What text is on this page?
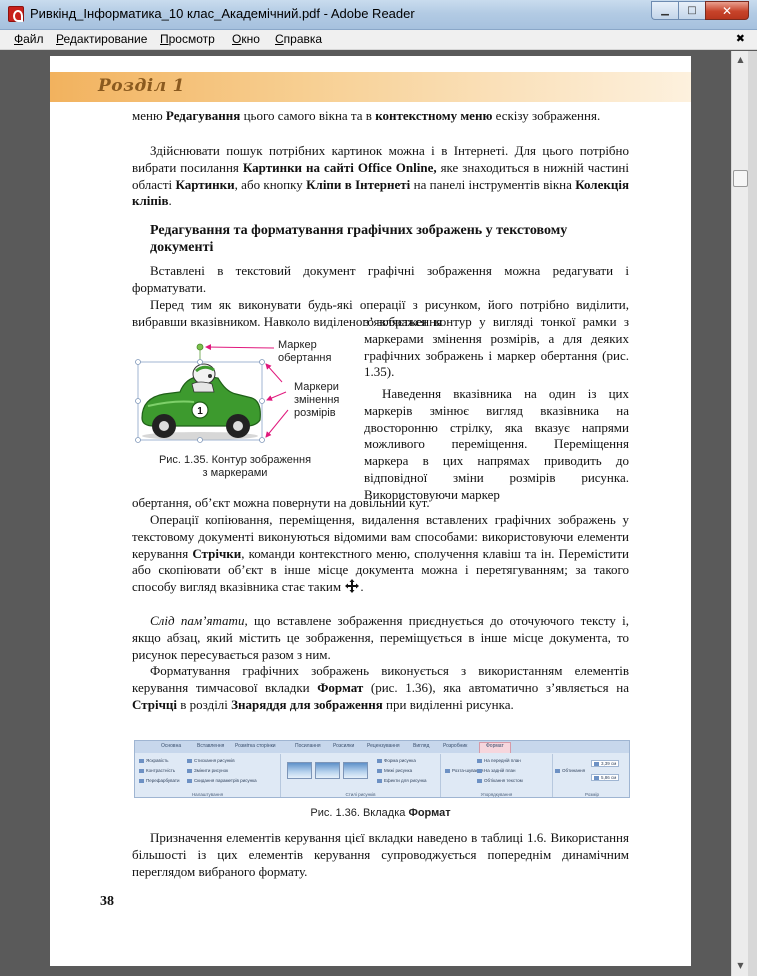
Ривкінд_Інформатика_10 клас_Академічний.pdf - Adobe Reader	▁	□	✕
Файл Редактирование Просмотр Окно Справка	✖
▲
▼
Розділ 1
меню Редагування цього самого вікна та в контекстному меню ескізу зображення.
Здійснювати пошук потрібних картинок можна і в Інтернеті. Для цього потрібно вибрати посилання Картинки на сайті Office Online, яке знаходиться в нижній частині області Картинки, або кнопку Кліпи в Інтернеті на панелі інструментів вікна Колекція кліпів.
Редагування та форматування графічних зображень у текстовому документі
Вставлені в текстовий документ графічні зображення можна редагувати і форматувати.
Перед тим як виконувати будь-які операції з рисунком, його потрібно виділити, вибравши вказівником. Навколо виділеного зображення
1
Маркер
обертання
Маркери
змінення
розмірів
Рис. 1.35. Контур зображення
з маркерами
з’являється контур у вигляді тонкої рамки з маркерами змінення розмірів, а для деяких графічних зображень і маркер обертання (рис. 1.35).
Наведення вказівника на один із цих маркерів змінює вигляд вказівника на двосторонню стрілку, яка вказує напрями можливого переміщення. Переміщення маркера в цих напрямах приводить до відповідної зміни розмірів рисунка. Використовуючи маркер
обертання, об’єкт можна повернути на довільний кут.
Операції копіювання, переміщення, видалення вставлених графічних зображень у текстовому документі виконуються відомими вам способами: використовуючи елементи керування Стрічки, команди контекстного меню, сполучення клавіш та ін. Перемістити або скопіювати об’єкт в інше місце документа можна і перетягуванням; за такого способу вигляд вказівника стає таким .
Слід пам’ятати, що вставлене зображення приєднується до оточуючого тексту і, якщо абзац, який містить це зображення, переміщується в інше місце документа, то рисунок пересувається разом з ним.
Форматування графічних зображень виконується з використанням елементів керування тимчасової вкладки Формат (рис. 1.36), яка автоматично з’являється на Стрічці в розділі Знаряддя для зображення при виділенні рисунка.
Основна	Вставлення Розмітка сторінки	Посилання Розсилки	Рецензування	Вигляд	Розробник	Формат
Яскравість
Контрастність
Перефарбувати
Стискання рисунків
Змінити рисунок
Скидання параметрів рисунка
Налаштування
Форма рисунка
Межі рисунка
Ефекти для рисунка
Стилі рисунків
Розта-шування
На передній план
На задній план
Обтікання текстом
Упорядкування
Обтинання
3,39 см
5,86 см
Розмір
Рис. 1.36. Вкладка Формат
Призначення елементів керування цієї вкладки наведено в таблиці 1.6. Використання більшості із цих елементів керування супроводжується попереднім динамічним переглядом вибраного формату.
38
